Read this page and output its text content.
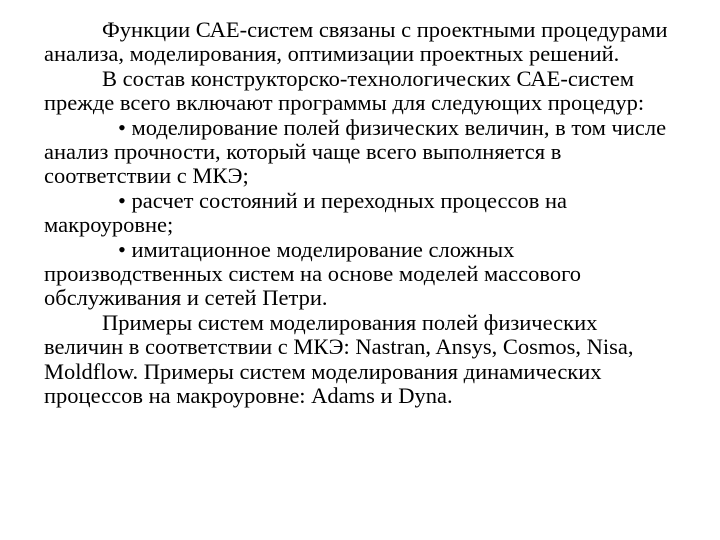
Функции САЕ-систем связаны с проектными процедурами анализа, моделирования, оптимизации проектных решений.

В состав конструкторско-технологических САЕ-систем прежде всего включают программы для следующих процедур:

• моделирование полей физических величин, в том числе анализ прочности, который чаще всего выполняется в соответствии с МКЭ;

• расчет состояний и переходных процессов на макроуровне;

• имитационное моделирование сложных производственных систем на основе моделей массового обслуживания и сетей Петри.

Примеры систем моделирования полей физических величин в соответствии с МКЭ: Nastran, Ansys, Cosmos, Nisa, Moldflow. Примеры систем моделирования динамических процессов на макроуровне: Adams и Dyna.
